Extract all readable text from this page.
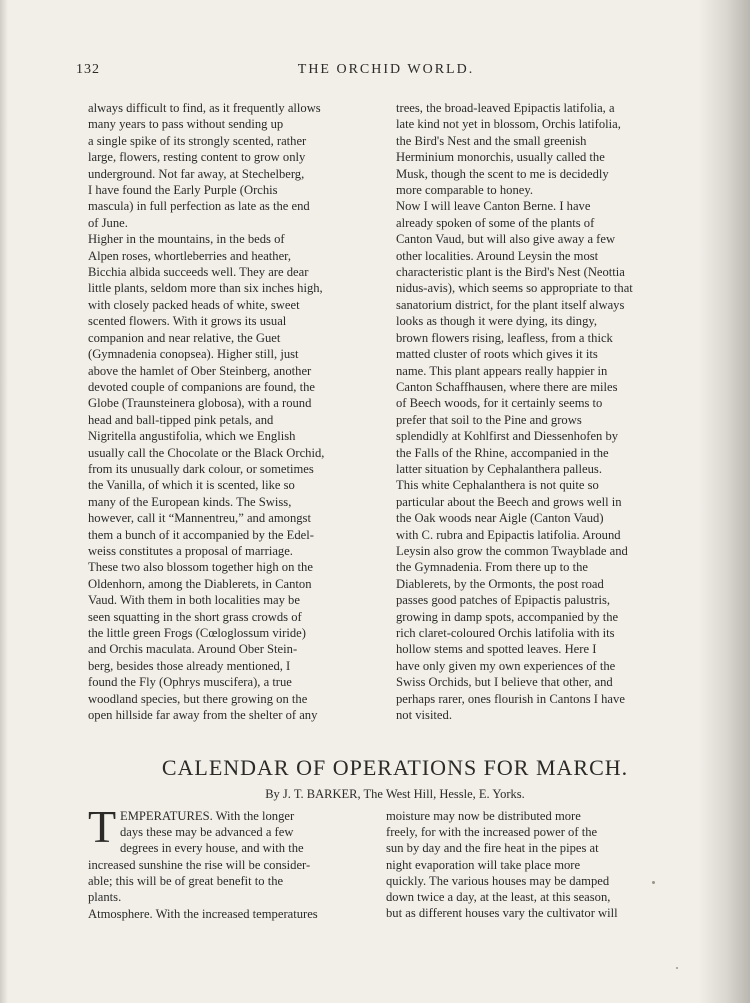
132	THE ORCHID WORLD.
always difficult to find, as it frequently allows
many years to pass without sending up
a single spike of its strongly scented, rather
large, flowers, resting content to grow only
underground. Not far away, at Stechelberg,
I have found the Early Purple (Orchis
mascula) in full perfection as late as the end
of June.
Higher in the mountains, in the beds of
Alpen roses, whortleberries and heather,
Bicchia albida succeeds well. They are dear
little plants, seldom more than six inches high,
with closely packed heads of white, sweet
scented flowers. With it grows its usual
companion and near relative, the Guet
(Gymnadenia conopsea). Higher still, just
above the hamlet of Ober Steinberg, another
devoted couple of companions are found, the
Globe (Traunsteinera globosa), with a round
head and ball-tipped pink petals, and
Nigritella angustifolia, which we English
usually call the Chocolate or the Black Orchid,
from its unusually dark colour, or sometimes
the Vanilla, of which it is scented, like so
many of the European kinds. The Swiss,
however, call it “Mannentreu,” and amongst
them a bunch of it accompanied by the Edel-
weiss constitutes a proposal of marriage.
These two also blossom together high on the
Oldenhorn, among the Diablerets, in Canton
Vaud. With them in both localities may be
seen squatting in the short grass crowds of
the little green Frogs (Cœloglossum viride)
and Orchis maculata. Around Ober Stein-
berg, besides those already mentioned, I
found the Fly (Ophrys muscifera), a true
woodland species, but there growing on the
open hillside far away from the shelter of any
trees, the broad-leaved Epipactis latifolia, a
late kind not yet in blossom, Orchis latifolia,
the Bird's Nest and the small greenish
Herminium monorchis, usually called the
Musk, though the scent to me is decidedly
more comparable to honey.
Now I will leave Canton Berne. I have
already spoken of some of the plants of
Canton Vaud, but will also give away a few
other localities. Around Leysin the most
characteristic plant is the Bird's Nest (Neottia
nidus-avis), which seems so appropriate to that
sanatorium district, for the plant itself always
looks as though it were dying, its dingy,
brown flowers rising, leafless, from a thick
matted cluster of roots which gives it its
name. This plant appears really happier in
Canton Schaffhausen, where there are miles
of Beech woods, for it certainly seems to
prefer that soil to the Pine and grows
splendidly at Kohlfirst and Diessenhofen by
the Falls of the Rhine, accompanied in the
latter situation by Cephalanthera palleus.
This white Cephalanthera is not quite so
particular about the Beech and grows well in
the Oak woods near Aigle (Canton Vaud)
with C. rubra and Epipactis latifolia. Around
Leysin also grow the common Twayblade and
the Gymnadenia. From there up to the
Diablerets, by the Ormonts, the post road
passes good patches of Epipactis palustris,
growing in damp spots, accompanied by the
rich claret-coloured Orchis latifolia with its
hollow stems and spotted leaves. Here I
have only given my own experiences of the
Swiss Orchids, but I believe that other, and
perhaps rarer, ones flourish in Cantons I have
not visited.
CALENDAR OF OPERATIONS FOR MARCH.
By J. T. BARKER, The West Hill, Hessle, E. Yorks.
T EMPERATURES. With the longer
days these may be advanced a few
degrees in every house, and with the
increased sunshine the rise will be consider-
able; this will be of great benefit to the
plants.
Atmosphere. With the increased temperatures
moisture may now be distributed more
freely, for with the increased power of the
sun by day and the fire heat in the pipes at
night evaporation will take place more
quickly. The various houses may be damped
down twice a day, at the least, at this season,
but as different houses vary the cultivator will
